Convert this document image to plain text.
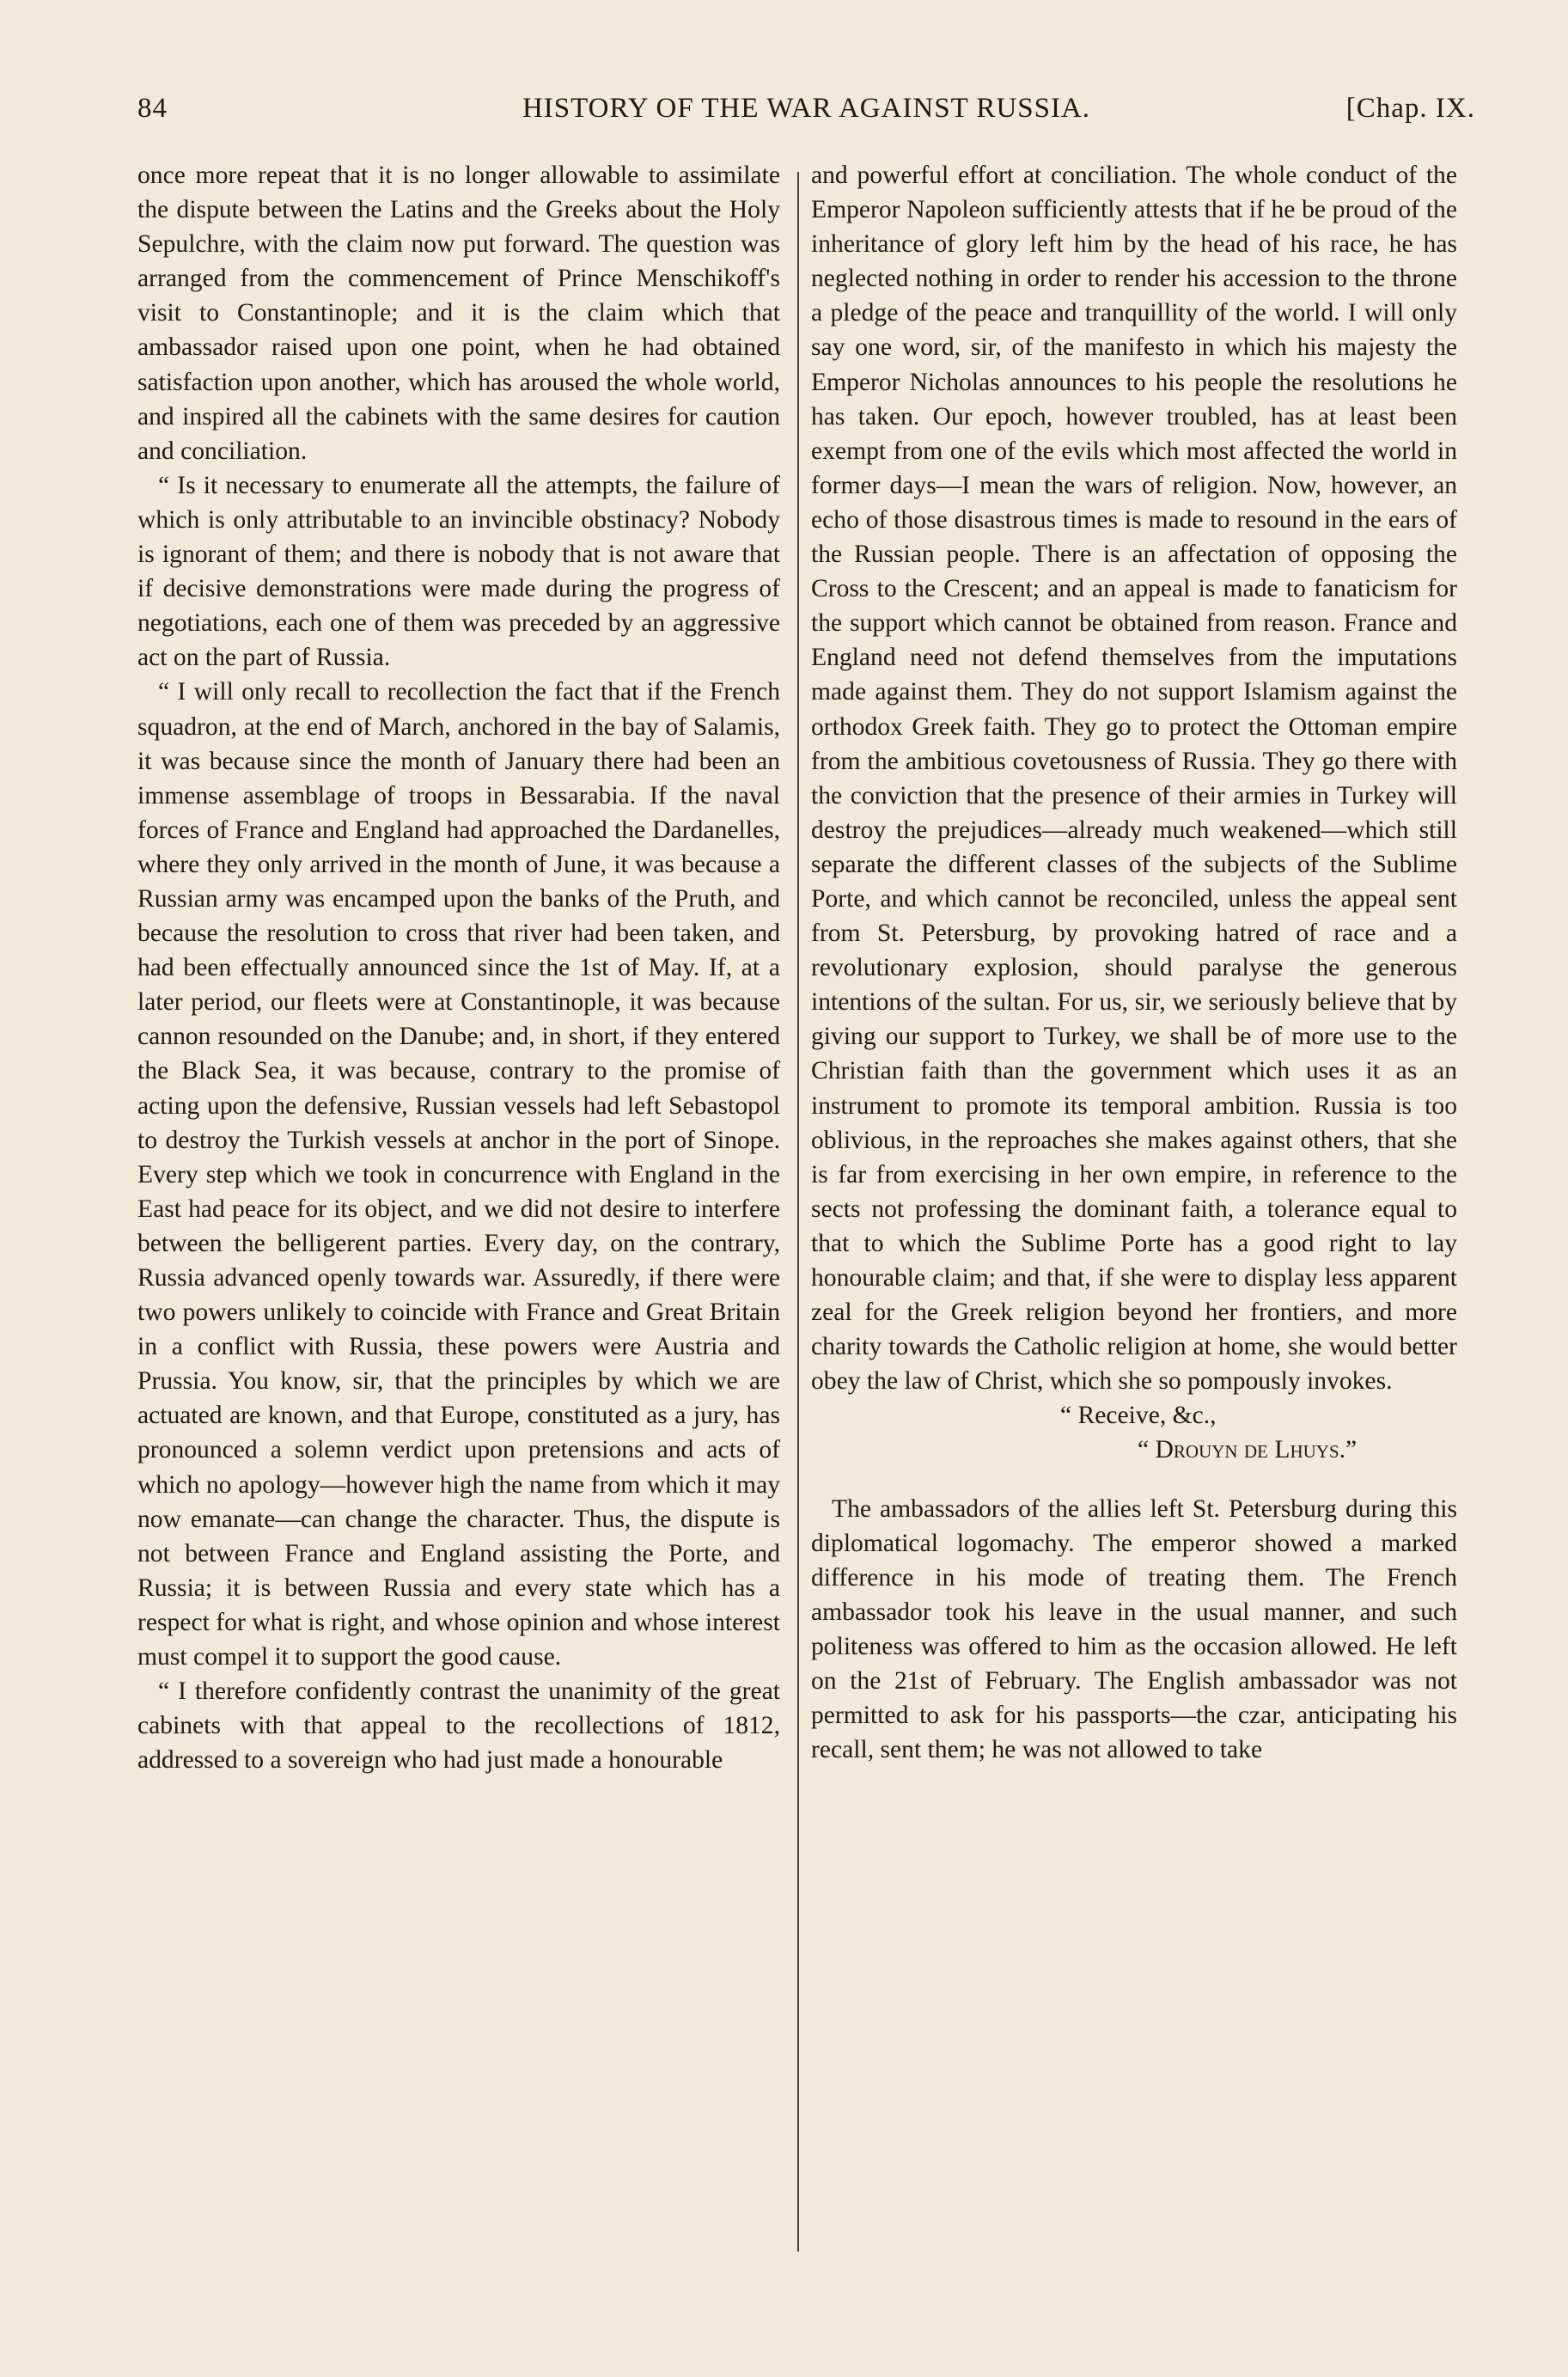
84	HISTORY OF THE WAR AGAINST RUSSIA.	[Chap. IX.

once more repeat that it is no longer allowable to assimilate the dispute between the Latins and the Greeks about the Holy Sepulchre, with the claim now put forward. The question was arranged from the commencement of Prince Menschikoff's visit to Constantinople; and it is the claim which that ambassador raised upon one point, when he had obtained satisfaction upon another, which has aroused the whole world, and inspired all the cabinets with the same desires for caution and conciliation.

“ Is it necessary to enumerate all the attempts, the failure of which is only attributable to an invincible obstinacy? Nobody is ignorant of them; and there is nobody that is not aware that if decisive demonstrations were made during the progress of negotiations, each one of them was preceded by an aggressive act on the part of Russia.

“ I will only recall to recollection the fact that if the French squadron, at the end of March, anchored in the bay of Salamis, it was because since the month of January there had been an immense assemblage of troops in Bessarabia. If the naval forces of France and England had approached the Dardanelles, where they only arrived in the month of June, it was because a Russian army was encamped upon the banks of the Pruth, and because the resolution to cross that river had been taken, and had been effectually announced since the 1st of May. If, at a later period, our fleets were at Constantinople, it was because cannon resounded on the Danube; and, in short, if they entered the Black Sea, it was because, contrary to the promise of acting upon the defensive, Russian vessels had left Sebastopol to destroy the Turkish vessels at anchor in the port of Sinope. Every step which we took in concurrence with England in the East had peace for its object, and we did not desire to interfere between the belligerent parties. Every day, on the contrary, Russia advanced openly towards war. Assuredly, if there were two powers unlikely to coincide with France and Great Britain in a conflict with Russia, these powers were Austria and Prussia. You know, sir, that the principles by which we are actuated are known, and that Europe, constituted as a jury, has pronounced a solemn verdict upon pretensions and acts of which no apology—however high the name from which it may now emanate—can change the character. Thus, the dispute is not between France and England assisting the Porte, and Russia; it is between Russia and every state which has a respect for what is right, and whose opinion and whose interest must compel it to support the good cause.

“ I therefore confidently contrast the unanimity of the great cabinets with that appeal to the recollections of 1812, addressed to a sovereign who had just made a honourable

and powerful effort at conciliation. The whole conduct of the Emperor Napoleon sufficiently attests that if he be proud of the inheritance of glory left him by the head of his race, he has neglected nothing in order to render his accession to the throne a pledge of the peace and tranquillity of the world. I will only say one word, sir, of the manifesto in which his majesty the Emperor Nicholas announces to his people the resolutions he has taken. Our epoch, however troubled, has at least been exempt from one of the evils which most affected the world in former days—I mean the wars of religion. Now, however, an echo of those disastrous times is made to resound in the ears of the Russian people. There is an affectation of opposing the Cross to the Crescent; and an appeal is made to fanaticism for the support which cannot be obtained from reason. France and England need not defend themselves from the imputations made against them. They do not support Islamism against the orthodox Greek faith. They go to protect the Ottoman empire from the ambitious covetousness of Russia. They go there with the conviction that the presence of their armies in Turkey will destroy the prejudices—already much weakened—which still separate the different classes of the subjects of the Sublime Porte, and which cannot be reconciled, unless the appeal sent from St. Petersburg, by provoking hatred of race and a revolutionary explosion, should paralyse the generous intentions of the sultan. For us, sir, we seriously believe that by giving our support to Turkey, we shall be of more use to the Christian faith than the government which uses it as an instrument to promote its temporal ambition. Russia is too oblivious, in the reproaches she makes against others, that she is far from exercising in her own empire, in reference to the sects not professing the dominant faith, a tolerance equal to that to which the Sublime Porte has a good right to lay honourable claim; and that, if she were to display less apparent zeal for the Greek religion beyond her frontiers, and more charity towards the Catholic religion at home, she would better obey the law of Christ, which she so pompously invokes.

“ Receive, &c.,

“ Drouyn de Lhuys.”

The ambassadors of the allies left St. Petersburg during this diplomatical logomachy. The emperor showed a marked difference in his mode of treating them. The French ambassador took his leave in the usual manner, and such politeness was offered to him as the occasion allowed. He left on the 21st of February. The English ambassador was not permitted to ask for his passports—the czar, anticipating his recall, sent them; he was not allowed to take
